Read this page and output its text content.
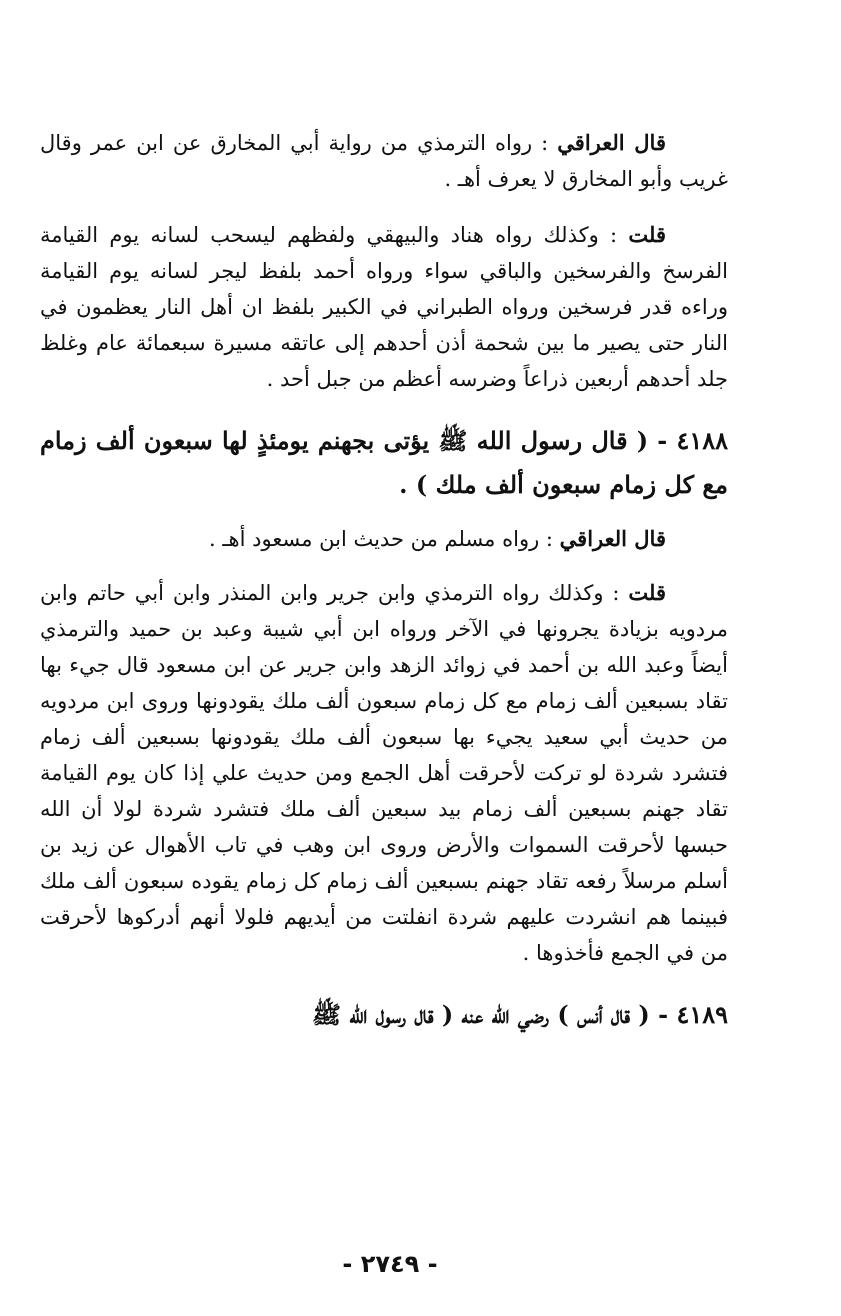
قال العراقي : رواه الترمذي من رواية أبي المخارق عن ابن عمر وقال غريب وأبو المخارق لا يعرف أهـ .

قلت : وكذلك رواه هناد والبيهقي ولفظهم ليسحب لسانه يوم القيامة الفرسخ والفرسخين والباقي سواء ورواه أحمد بلفظ ليجر لسانه يوم القيامة وراءه قدر فرسخين ورواه الطبراني في الكبير بلفظ ان أهل النار يعظمون في النار حتى يصير ما بين شحمة أذن أحدهم إلى عاتقه مسيرة سبعمائة عام وغلظ جلد أحدهم أربعين ذراعاً وضرسه أعظم من جبل أحد .

٤١٨٨ - ( قال رسول الله ﷺ يؤتى بجهنم يومئذٍ لها سبعون ألف زمام مع كل زمام سبعون ألف ملك ) .

قال العراقي : رواه مسلم من حديث ابن مسعود أهـ .

قلت : وكذلك رواه الترمذي وابن جرير وابن المنذر وابن أبي حاتم وابن مردويه بزيادة يجرونها في الآخر ورواه ابن أبي شيبة وعبد بن حميد والترمذي أيضاً وعبد الله بن أحمد في زوائد الزهد وابن جرير عن ابن مسعود قال جيء بها تقاد بسبعين ألف زمام مع كل زمام سبعون ألف ملك يقودونها وروى ابن مردويه من حديث أبي سعيد يجيء بها سبعون ألف ملك يقودونها بسبعين ألف زمام فتشرد شردة لو تركت لأحرقت أهل الجمع ومن حديث علي إذا كان يوم القيامة تقاد جهنم بسبعين ألف زمام بيد سبعين ألف ملك فتشرد شردة لولا أن الله حبسها لأحرقت السموات والأرض وروى ابن وهب في تاب الأهوال عن زيد بن أسلم مرسلاً رفعه تقاد جهنم بسبعين ألف زمام كل زمام يقوده سبعون ألف ملك فبينما هم انشردت عليهم شردة انفلتت من أيديهم فلولا أنهم أدركوها لأحرقت من في الجمع فأخذوها .

٤١٨٩ - ( قال أنس ) رضي الله عنه ( قال رسول الله ﷺ

- ٢٧٤٩ -
